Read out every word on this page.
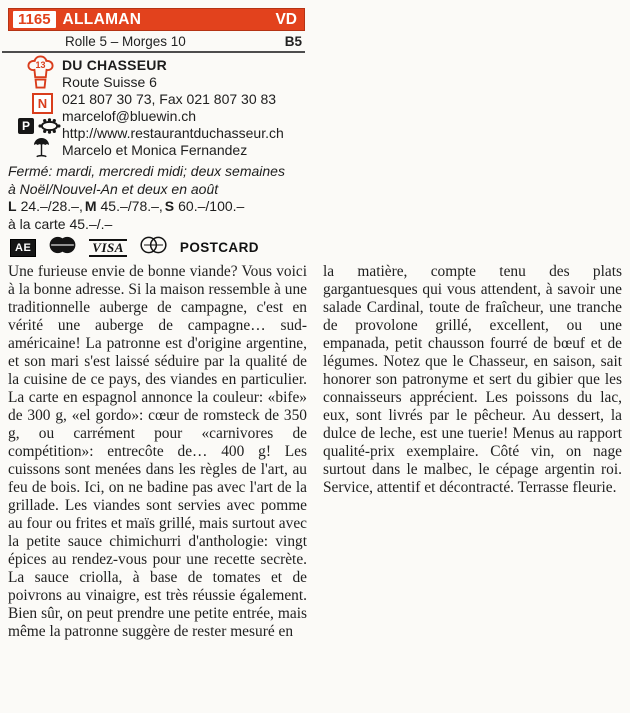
1165 ALLAMAN	VD
Rolle 5 – Morges 10	B5
13
N
P
DU CHASSEUR
Route Suisse 6
021 807 30 73, Fax 021 807 30 83
marcelof@bluewin.ch
http://www.restaurantduchasseur.ch
Marcelo et Monica Fernandez
Fermé: mardi, mercredi midi; deux semaines
à Noël/Nouvel-An et deux en août
L 24.–/28.–, M 45.–/78.–, S 60.–/100.–
à la carte 45.–/.–
AE	VISA	POSTCARD
Une furieuse envie de bonne viande? Vous voici à la bonne adresse. Si la maison ressemble à une traditionnelle auberge de campagne, c'est en vérité une auberge de campagne… sud-américaine! La patronne est d'origine argentine, et son mari s'est laissé séduire par la qualité de la cuisine de ce pays, des viandes en particulier. La carte en espagnol annonce la couleur: «bife» de 300 g, «el gordo»: cœur de romsteck de 350 g, ou carrément pour «carnivores de compétition»: entrecôte de… 400 g! Les cuissons sont menées dans les règles de l'art, au feu de bois. Ici, on ne badine pas avec l'art de la grillade. Les viandes sont servies avec pomme au four ou frites et maïs grillé, mais surtout avec la petite sauce chimichurri d'anthologie: vingt épices au rendez-vous pour une recette secrète. La sauce criolla, à base de tomates et de poivrons au vinaigre, est très réussie également. Bien sûr, on peut prendre une petite entrée, mais même la patronne suggère de rester mesuré en
la matière, compte tenu des plats gargantuesques qui vous attendent, à savoir une salade Cardinal, toute de fraîcheur, une tranche de provolone grillé, excellent, ou une empanada, petit chausson fourré de bœuf et de légumes. Notez que le Chasseur, en saison, sait honorer son patronyme et sert du gibier que les connaisseurs apprécient. Les poissons du lac, eux, sont livrés par le pêcheur. Au dessert, la dulce de leche, est une tuerie! Menus au rapport qualité-prix exemplaire. Côté vin, on nage surtout dans le malbec, le cépage argentin roi. Service, attentif et décontracté. Terrasse fleurie.
